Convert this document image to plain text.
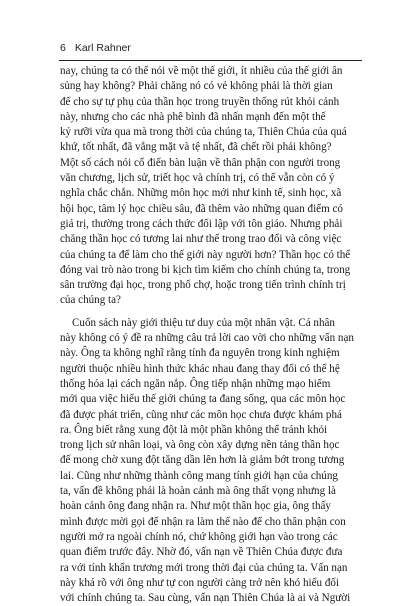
6 Karl Rahner

nay, chúng ta có thể nói về một thế giới, ít nhiều của thế giới ân
sủng hay không? Phải chăng nó có vẻ không phải là thời gian
để cho sự tự phụ của thần học trong truyền thống rút khỏi cảnh
này, nhưng cho các nhà phê bình đã nhấn mạnh đến một thế
kỷ rưỡi vừa qua mà trong thời của chúng ta, Thiên Chúa của quá
khứ, tốt nhất, đã vắng mặt và tệ nhất, đã chết rồi phải không?
Một số cách nói cổ điển bàn luận về thân phận con người trong
văn chương, lịch sử, triết học và chính trị, có thể vẫn còn có ý
nghĩa chắc chắn. Những môn học mới như kinh tế, sinh học, xã
hội học, tâm lý học chiều sâu, đã thêm vào những quan điểm có
giá trị, thường trong cách thức đối lập với tôn giáo. Nhưng phải
chăng thần học có tương lai như thế trong trao đổi và công việc
của chúng ta để làm cho thế giới này người hơn? Thần học có thể
đóng vai trò nào trong bi kịch tìm kiếm cho chính chúng ta, trong
sân trường đại học, trong phố chợ, hoặc trong tiến trình chính trị
của chúng ta?

Cuốn sách này giới thiệu tư duy của một nhân vật. Cá nhân
này không có ý đề ra những câu trả lời cao vời cho những vấn nạn
này. Ông ta không nghĩ rằng tính đa nguyên trong kinh nghiệm
người thuộc nhiều hình thức khác nhau đang thay đổi có thể hệ
thống hóa lại cách ngăn nắp. Ông tiếp nhận những mạo hiểm
mới qua việc hiểu thế giới chúng ta đang sống, qua các môn học
đã được phát triển, cũng như các môn học chưa được khám phá
ra. Ông biết rằng xung đột là một phần không thể tránh khỏi
trong lịch sử nhân loại, và ông còn xây dựng nền tảng thần học
để mong chờ xung đột tăng dần lên hơn là giảm bớt trong tương
lai. Cũng như những thành công mang tính giới hạn của chúng
ta, vấn đề không phải là hoàn cảnh mà ông thất vọng nhưng là
hoàn cảnh ông đang nhận ra. Như một thần học gia, ông thấy
mình được mời gọi để nhận ra làm thế nào để cho thân phận con
người mở ra ngoài chính nó, chứ không giới hạn vào trong các
quan điểm trước đây. Nhờ đó, vấn nạn về Thiên Chúa được đưa
ra với tính khẩn trương mới trong thời đại của chúng ta. Vấn nạn
này khá rõ với ông như tự con người càng trở nên khó hiểu đối
với chính chúng ta. Sau cùng, vấn nạn Thiên Chúa là ai và Người
